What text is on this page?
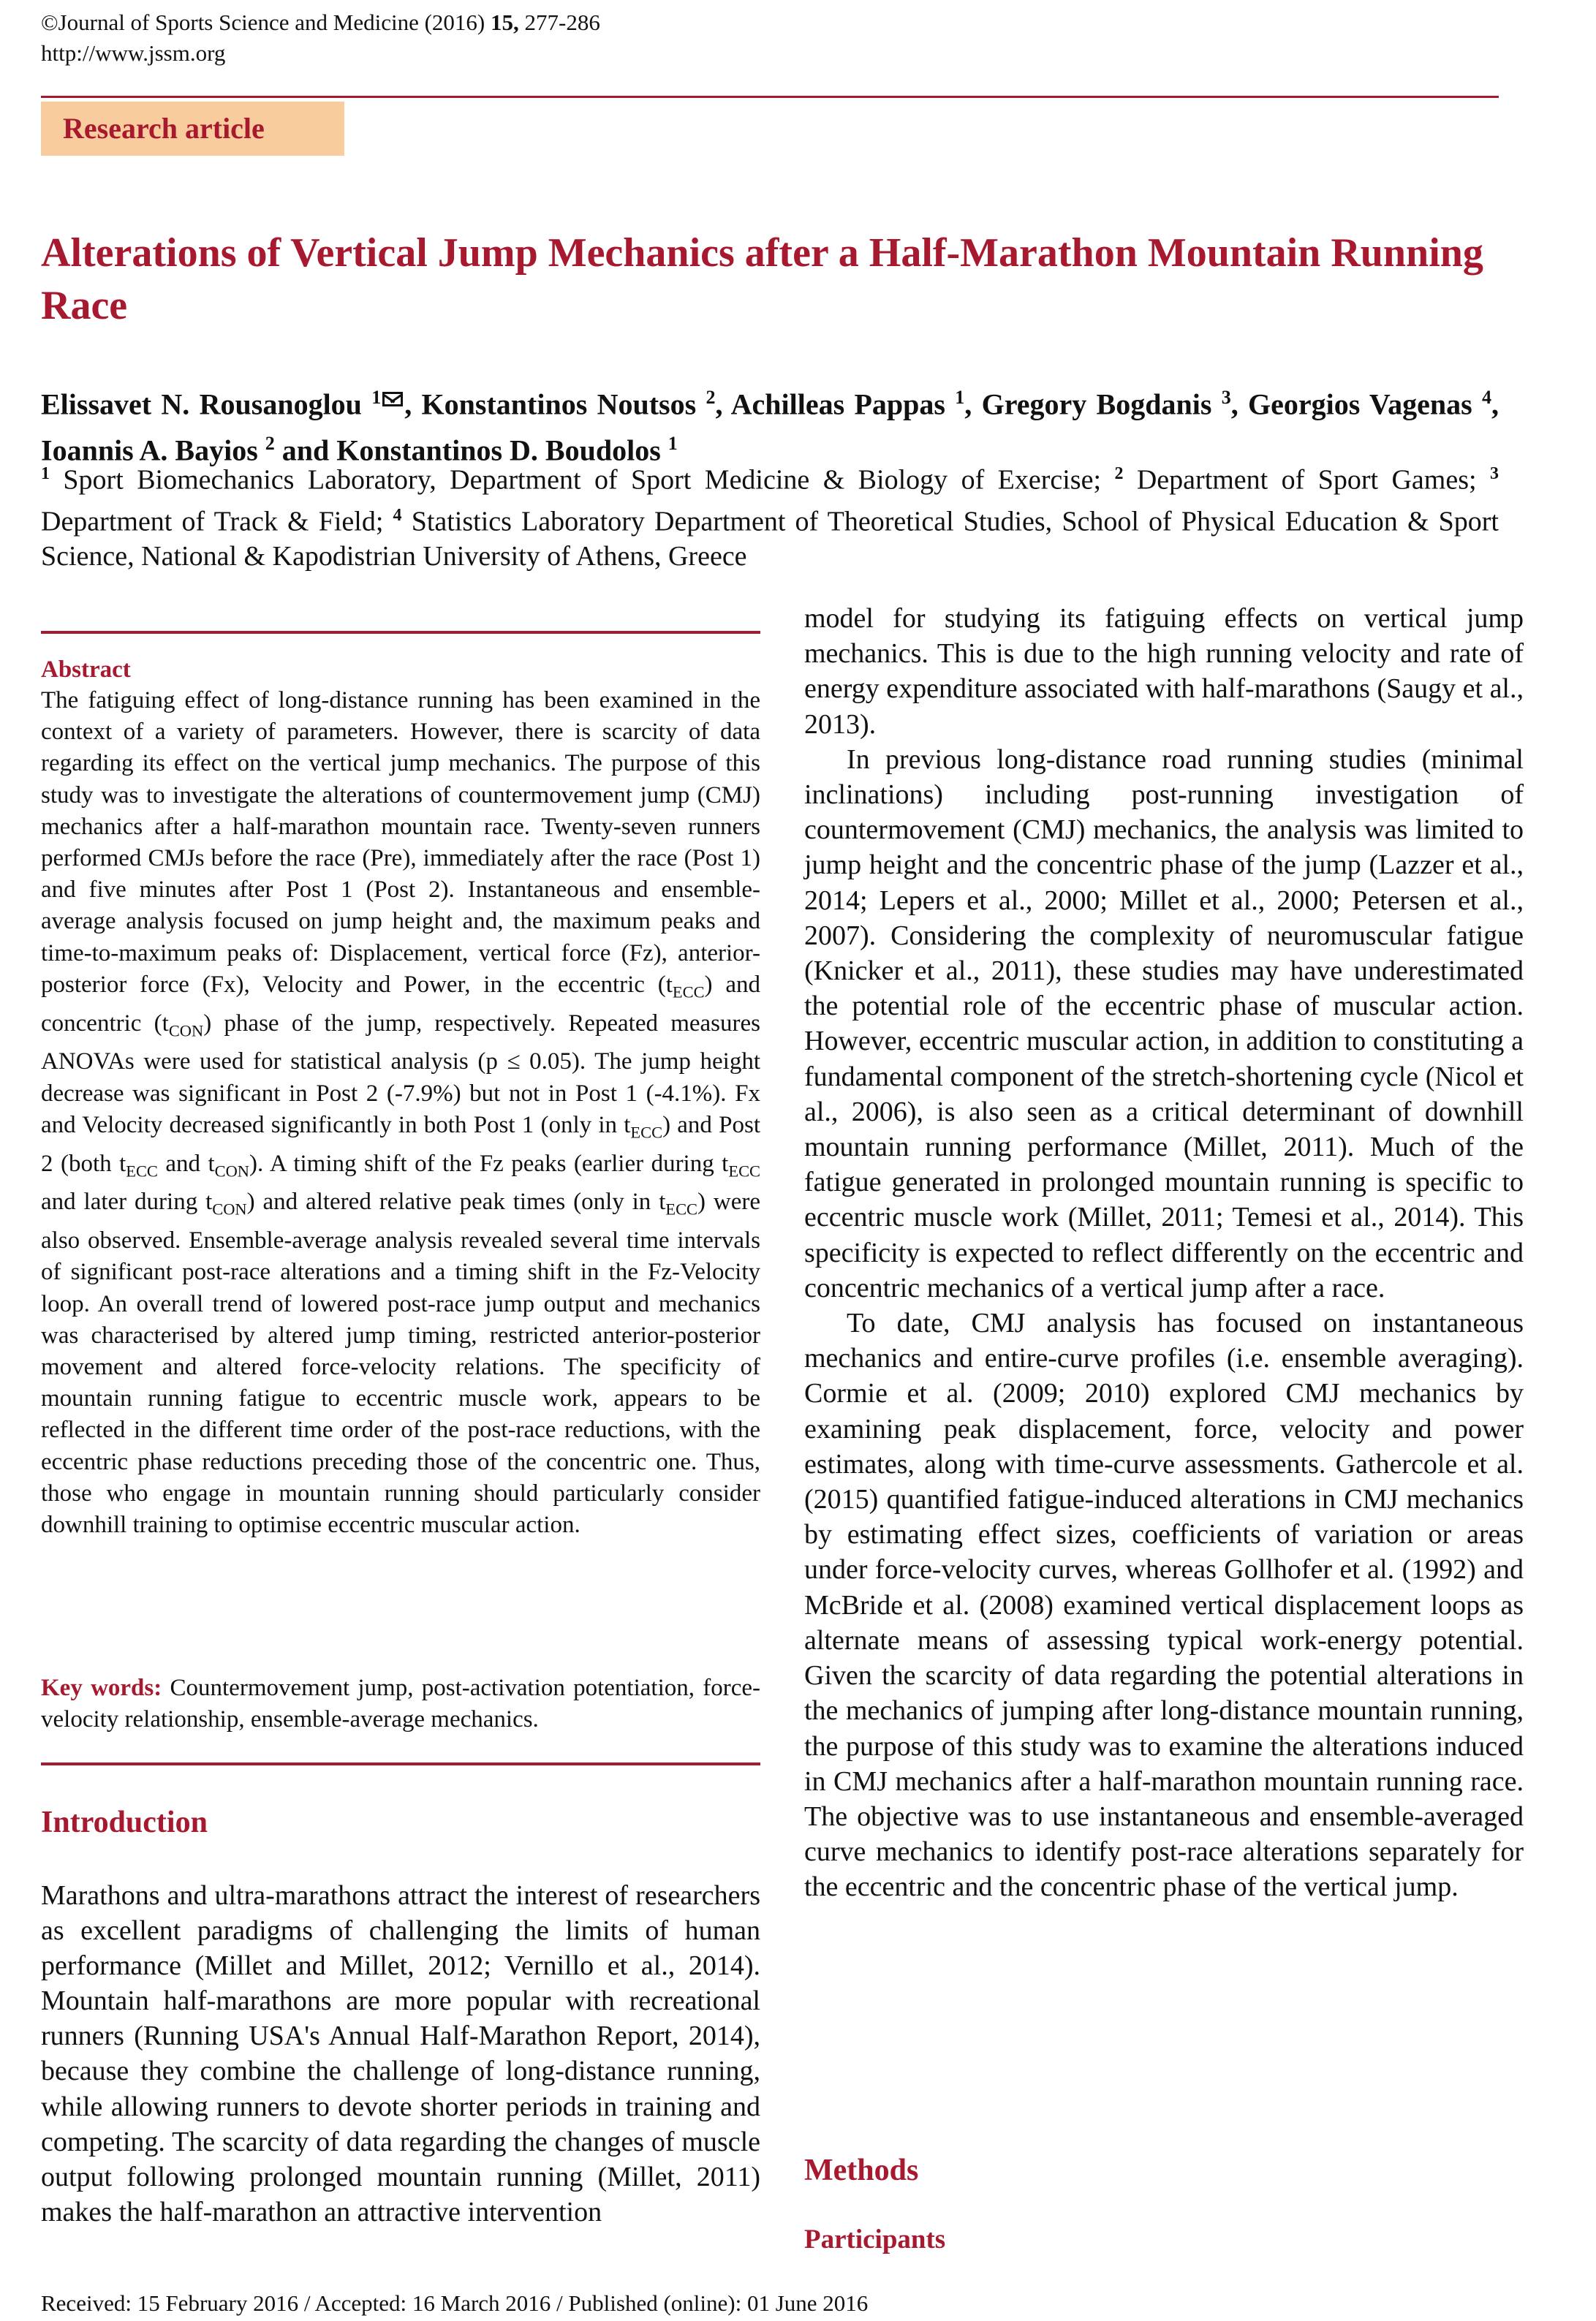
©Journal of Sports Science and Medicine (2016) 15, 277-286
http://www.jssm.org
Research article
Alterations of Vertical Jump Mechanics after a Half-Marathon Mountain Running Race
Elissavet N. Rousanoglou $^1$ , Konstantinos Noutsos $^2$, Achilleas Pappas $^1$, Gregory Bogdanis $^3$, Georgios Vagenas $^4$, Ioannis A. Bayios $^2$ and Konstantinos D. Boudolos $^1$
$^1$ Sport Biomechanics Laboratory, Department of Sport Medicine & Biology of Exercise; $^2$ Department of Sport Games; $^3$ Department of Track & Field; $^4$ Statistics Laboratory Department of Theoretical Studies, School of Physical Education & Sport Science, National & Kapodistrian University of Athens, Greece
Abstract
The fatiguing effect of long-distance running has been examined in the context of a variety of parameters. However, there is scarcity of data regarding its effect on the vertical jump mechanics. The purpose of this study was to investigate the alterations of countermovement jump (CMJ) mechanics after a half-marathon mountain race. Twenty-seven runners performed CMJs before the race (Pre), immediately after the race (Post 1) and five minutes after Post 1 (Post 2). Instantaneous and ensemble-average analysis focused on jump height and, the maximum peaks and time-to-maximum peaks of: Displacement, vertical force (Fz), anterior-posterior force (Fx), Velocity and Power, in the eccentric $(t_{ECC})$ and concentric $(t_{CON})$ phase of the jump, respectively. Repeated measures ANOVAs were used for statistical analysis (p ≤ 0.05). The jump height decrease was significant in Post 2 (-7.9%) but not in Post 1 (-4.1%). Fx and Velocity decreased significantly in both Post 1 (only in $t_{ECC}$) and Post 2 (both $t_{ECC}$ and $t_{CON}$). A timing shift of the Fz peaks (earlier during $t_{ECC}$ and later during $t_{CON}$) and altered relative peak times (only in $t_{ECC}$) were also observed. Ensemble-average analysis revealed several time intervals of significant post-race alterations and a timing shift in the Fz-Velocity loop. An overall trend of lowered post-race jump output and mechanics was characterised by altered jump timing, restricted anterior-posterior movement and altered force-velocity relations. The specificity of mountain running fatigue to eccentric muscle work, appears to be reflected in the different time order of the post-race reductions, with the eccentric phase reductions preceding those of the concentric one. Thus, those who engage in mountain running should particularly consider downhill training to optimise eccentric muscular action.
Key words: Countermovement jump, post-activation potentiation, force-velocity relationship, ensemble-average mechanics.
Introduction
Marathons and ultra-marathons attract the interest of researchers as excellent paradigms of challenging the limits of human performance (Millet and Millet, 2012; Vernillo et al., 2014). Mountain half-marathons are more popular with recreational runners (Running USA's Annual Half-Marathon Report, 2014), because they combine the challenge of long-distance running, while allowing runners to devote shorter periods in training and competing. The scarcity of data regarding the changes of muscle output following prolonged mountain running (Millet, 2011) makes the half-marathon an attractive intervention

model for studying its fatiguing effects on vertical jump mechanics. This is due to the high running velocity and rate of energy expenditure associated with half-marathons (Saugy et al., 2013).

In previous long-distance road running studies (minimal inclinations) including post-running investigation of countermovement (CMJ) mechanics, the analysis was limited to jump height and the concentric phase of the jump (Lazzer et al., 2014; Lepers et al., 2000; Millet et al., 2000; Petersen et al., 2007). Considering the complexity of neuromuscular fatigue (Knicker et al., 2011), these studies may have underestimated the potential role of the eccentric phase of muscular action. However, eccentric muscular action, in addition to constituting a fundamental component of the stretch-shortening cycle (Nicol et al., 2006), is also seen as a critical determinant of downhill mountain running performance (Millet, 2011). Much of the fatigue generated in prolonged mountain running is specific to eccentric muscle work (Millet, 2011; Temesi et al., 2014). This specificity is expected to reflect differently on the eccentric and concentric mechanics of a vertical jump after a race.

To date, CMJ analysis has focused on instantaneous mechanics and entire-curve profiles (i.e. ensemble averaging). Cormie et al. (2009; 2010) explored CMJ mechanics by examining peak displacement, force, velocity and power estimates, along with time-curve assessments. Gathercole et al. (2015) quantified fatigue-induced alterations in CMJ mechanics by estimating effect sizes, coefficients of variation or areas under force-velocity curves, whereas Gollhofer et al. (1992) and McBride et al. (2008) examined vertical displacement loops as alternate means of assessing typical work-energy potential. Given the scarcity of data regarding the potential alterations in the mechanics of jumping after long-distance mountain running, the purpose of this study was to examine the alterations induced in CMJ mechanics after a half-marathon mountain running race. The objective was to use instantaneous and ensemble-averaged curve mechanics to identify post-race alterations separately for the eccentric and the concentric phase of the vertical jump.

Methods
Participants
Received: 15 February 2016 / Accepted: 16 March 2016 / Published (online): 01 June 2016
